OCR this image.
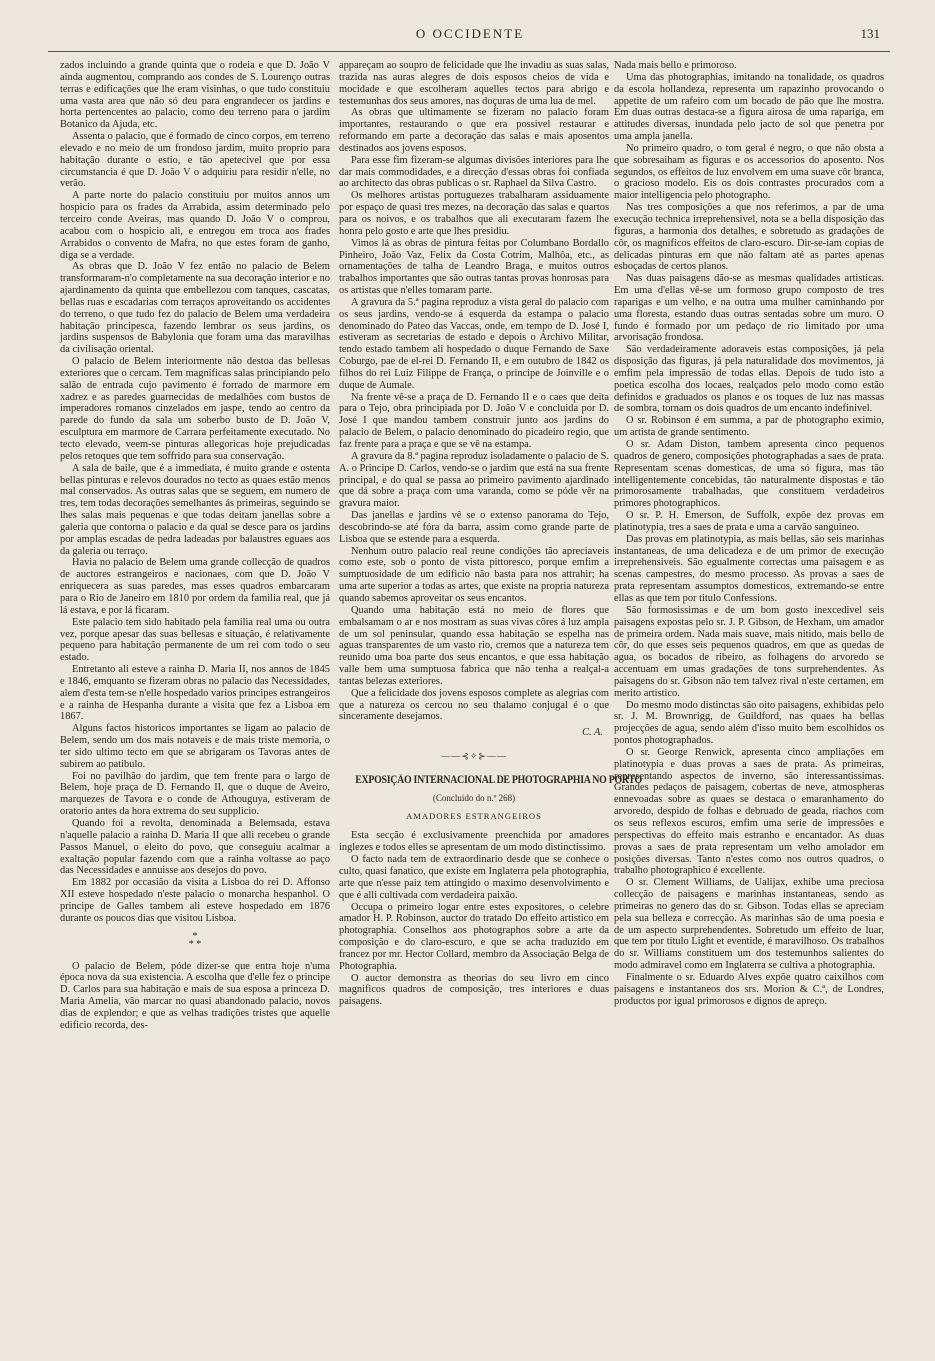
O OCCIDENTE	131

zados incluindo a grande quinta que o rodeia e que D. João V ainda augmentou, comprando aos condes de S. Lourenço outras terras e edificações que lhe eram visinhas, o que tudo constituiu uma vasta area que não só deu para engrandecer os jardins e horta pertencentes ao palacio, como deu terreno para o jardim Botanico da Ajuda, etc.

Assenta o palacio, que é formado de cinco corpos, em terreno elevado e no meio de um frondoso jardim, muito proprio para habitação durante o estio, e tão apetecivel que por essa circumstancia é que D. João V o adquiriu para residir n'elle, no verão.

A parte norte do palacio constituiu por muitos annos um hospicio para os frades da Arrabida, assim determinado pelo terceiro conde Aveiras, mas quando D. João V o comprou, acabou com o hospicio ali, e entregou em troca aos frades Arrabidos o convento de Mafra, no que estes foram de ganho, diga se a verdade.

As obras que D. João V fez então no palacio de Belem transformaram-n'o completamente na sua decoração interior e no ajardinamento da quinta que embellezou com tanques, cascatas, bellas ruas e escadarias com terraços aproveitando os accidentes do terreno, o que tudo fez do palacio de Belem uma verdadeira habitação principesca, fazendo lembrar os seus jardins, os jardins suspensos de Babylonia que foram uma das maravilhas da civilisação oriental.

O palacio de Belem interiormente não destoa das bellesas exteriores que o cercam. Tem magnificas salas principiando pelo salão de entrada cujo pavimento é forrado de marmore em xadrez e as paredes guarnecidas de medalhões com bustos de imperadores romanos cinzelados em jaspe, tendo ao centro da parede do fundo da sala um soberbo busto de D. João V, esculptura em marmore de Carrara perfeitamente executado. No tecto elevado, veem-se pinturas allegoricas hoje prejudicadas pelos retoques que tem soffrido para sua conservação.

A sala de baile, que é a immediata, é muito grande e ostenta bellas pinturas e relevos dourados no tecto as quaes estão menos mal conservados. As outras salas que se seguem, em numero de tres, tem todas decorações semelhantes ás primeiras, seguindo se lhes salas mais pequenas e que todas deitam janellas sobre a galeria que contorna o palacio e da qual se desce para os jardins por amplas escadas de pedra ladeadas por balaustres eguaes aos da galeria ou terraço.

Havia no palacio de Belem uma grande collecção de quadros de auctores estrangeiros e nacionaes, com que D. João V enriquecera as suas paredes, mas esses quadros embarcaram para o Rio de Janeiro em 1810 por ordem da familia real, que já lá estava, e por lá ficaram.

Este palacio tem sido habitado pela familia real uma ou outra vez, porque apesar das suas bellesas e situação, é relativamente pequeno para habitação permanente de um rei com todo o seu estado.

Entretanto ali esteve a rainha D. Maria II, nos annos de 1845 e 1846, emquanto se fizeram obras no palacio das Necessidades, alem d'esta tem-se n'elle hospedado varios principes estrangeiros e a rainha de Hespanha durante a visita que fez a Lisboa em 1867.

Alguns factos historicos importantes se ligam ao palacio de Belem, sendo um dos mais notaveis e de mais triste memoria, o ter sido ultimo tecto em que se abrigaram os Tavoras antes de subirem ao patibulo.

Foi no pavilhão do jardim, que tem frente para o largo de Belem, hoje praça de D. Fernando II, que o duque de Aveiro, marquezes de Tavora e o conde de Athouguya, estiveram de oratorio antes da hora extrema do seu supplicio.

Quando foi a revolta, denominada a Belemsada, estava n'aquelle palacio a rainha D. Maria II que alli recebeu o grande Passos Manuel, o eleito do povo, que conseguiu acalmar a exaltação popular fazendo com que a rainha voltasse ao paço das Necessidades e annuisse aos desejos do povo.

Em 1882 por occasião da visita a Lisboa do rei D. Affonso XII esteve hospedado n'este palacio o monarcha hespanhol. O principe de Galles tambem ali esteve hospedado em 1876 durante os poucos dias que visitou Lisboa.

*
* *

O palacio de Belem, póde dizer-se que entra hoje n'uma época nova da sua existencia. A escolha que d'elle fez o principe D. Carlos para sua habitação e mais de sua esposa a princeza D. Maria Amelia, vão marcar no quasi abandonado palacio, novos dias de explendor; e que as velhas tradições tristes que aquelle edificio recorda, des-

appareçam ao soupro de felicidade que lhe invadiu as suas salas, trazida nas auras alegres de dois esposos cheios de vida e mocidade e que escolheram aquelles tectos para abrigo e testemunhas dos seus amores, nas doçuras de uma lua de mel.

As obras que ultimamente se fizeram no palacio foram importantes, restaurando o que era possivel restaurar e reformando em parte a decoração das salas e mais aposentos destinados aos jovens esposos.

Para esse fim fizeram-se algumas divisões interiores para lhe dar mais commodidades, e a direcção d'essas obras foi confiada ao architecto das obras publicas o sr. Raphael da Silva Castro.

Os melhores artistas portuguezes trabalharam assiduamente por espaço de quasi tres mezes, na decoração das salas e quartos para os noivos, e os trabalhos que ali executaram fazem lhe honra pelo gosto e arte que lhes presidiu.

Vimos lá as obras de pintura feitas por Columbano Bordallo Pinheiro, João Vaz, Felix da Costa Cotrim, Malhôa, etc., as ornamentações de talha de Leandro Braga, e muitos outros trabalhos importantes que são outras tantas provas honrosas para os artistas que n'elles tomaram parte.

A gravura da 5.ª pagina reproduz a vista geral do palacio com os seus jardins, vendo-se á esquerda da estampa o palacio denominado do Pateo das Vaccas, onde, em tempo de D. José I, estiveram as secretarias de estado e depois o Archivo Militar, tendo estado tambem ali hospedado o duque Fernando de Saxe Coburgo, pae de el-rei D. Fernando II, e em outubro de 1842 os filhos do rei Luiz Filippe de França, o principe de Joinville e o duque de Aumale.

Na frente vê-se a praça de D. Fernando II e o caes que deita para o Tejo, obra principiada por D. João V e concluida por D. José I que mandou tambem construir junto aos jardins do palacio de Belem, o palacio denominado do picadeiro regio, que faz frente para a praça e que se vê na estampa.

A gravura da 8.ª pagina reproduz isoladamente o palacio de S. A. o Principe D. Carlos, vendo-se o jardim que está na sua frente principal, e do qual se passa ao primeiro pavimento ajardinado que dá sobre a praça com uma varanda, como se póde vêr na gravura maior.

Das janellas e jardins vê se o extenso panorama do Tejo, descobrindo-se até fóra da barra, assim como grande parte de Lisboa que se estende para a esquerda.

Nenhum outro palacio real reune condições tão apreciaveis como este, sob o ponto de vista pittoresco, porque emfim a sumptuosidade de um edificio não basta para nos attrahir; ha uma arte superior a todas as artes, que existe na propria natureza quando sabemos aproveitar os seus encantos.

Quando uma habitação está no meio de flores que embalsamam o ar e nos mostram as suas vivas côres á luz ampla de um sol peninsular, quando essa habitação se espelha nas aguas transparentes de um vasto rio, cremos que a natureza tem reunido uma boa parte dos seus encantos, e que essa habitação valle bem uma sumptuosa fabrica que não tenha a realçal-a tantas belezas exteriores.

Que a felicidade dos jovens esposos complete as alegrias com que a natureza os cercou no seu thalamo conjugal é o que sinceramente desejamos.

C. A.
——⊰✧⊱——
EXPOSIÇÃO INTERNACIONAL DE PHOTOGRAPHIA NO PORTO
(Concluido do n.º 268)
AMADORES ESTRANGEIROS

Esta secção é exclusivamente preenchida por amadores inglezes e todos elles se apresentam de um modo distinctissimo.

O facto nada tem de extraordinario desde que se conhece o culto, quasi fanatico, que existe em Inglaterra pela photographia, arte que n'esse paiz tem attingido o maximo desenvolvimento e que é alli cultivada com verdadeira paixão.

Occupa o primeiro logar entre estes expositores, o celebre amador H. P. Robinson, auctor do tratado Do effeito artistico em photographia. Conselhos aos photographos sobre a arte da composição e do claro-escuro, e que se acha traduzido em francez por mr. Hector Collard, membro da Associação Belga de Photographia.

O auctor demonstra as theorias do seu livro em cinco magnificos quadros de composição, tres interiores e duas paisagens.

Nada mais bello e primoroso.

Uma das photographias, imitando na tonalidade, os quadros da escola hollandeza, representa um rapazinho provocando o appetite de um rafeiro com um bocado de pão que lhe mostra. Em duas outras destaca-se a figura airosa de uma rapariga, em attitudes diversas, inundada pelo jacto de sol que penetra por uma ampla janella.

No primeiro quadro, o tom geral é negro, o que não obsta a que sobresaiham as figuras e os accessorios do aposento. Nos segundos, os effeitos de luz envolvem em uma suave côr branca, o gracioso modelo. Eis os dois contrastes procurados com a maior intelligencia pelo photographo.

Nas tres composições a que nos referimos, a par de uma execução technica irreprehensivel, nota se a bella disposição das figuras, a harmonia dos detalhes, e sobretudo as gradações de côr, os magnificos effeitos de claro-escuro. Dir-se-iam copias de delicadas pinturas em que não faltam até as partes apenas esboçadas de certos planos.

Nas duas paisagens dão-se as mesmas qualidades artisticas. Em uma d'ellas vê-se um formoso grupo composto de tres raparigas e um velho, e na outra uma mulher caminhando por uma floresta, estando duas outras sentadas sobre um muro. O fundo é formado por um pedaço de rio limitado por uma arvorisação frondosa.

São verdadeiramente adoraveis estas composições, já pela disposição das figuras, já pela naturalidade dos movimentos, já emfim pela impressão de todas ellas. Depois de tudo isto a poetica escolha dos locaes, realçados pelo modo como estão definidos e graduados os planos e os toques de luz nas massas de sombra, tornam os dois quadros de um encanto indefinivel.

O sr. Robinson é em summa, a par de photographo eximio, um artista de grande sentimento.

O sr. Adam Diston, tambem apresenta cinco pequenos quadros de genero, composições photographadas a saes de prata. Representam scenas domesticas, de uma só figura, mas tão intelligentemente concebidas, tão naturalmente dispostas e tão primorosamente trabalhadas, que constituem verdadeiros primores photographicos.

O sr. P. H. Emerson, de Suffolk, expõe dez provas em platinotypia, tres a saes de prata e uma a carvão sanguineo.

Das provas em platinotypia, as mais bellas, são seis marinhas instantaneas, de uma delicadeza e de um primor de execução irreprehensiveis. São egualmente correctas uma paisagem e as scenas campestres, do mesmo processo. As provas a saes de prata representam assumptos domesticos, extremando-se entre ellas as que tem por titulo Confessions.

São formosissimas e de um bom gosto inexcedivel seis paisagens expostas pelo sr. J. P. Gibson, de Hexham, um amador de primeira ordem. Nada mais suave, mais nitido, mais bello de côr, do que esses seis pequenos quadros, em que as quedas de agua, os bocados de ribeiro, as folhagens do arvoredo se accentuam em umas gradações de tons surprehendentes. As paisagens do sr. Gibson não tem talvez rival n'este certamen, em merito artistico.

Do mesmo modo distinctas são oito paisagens, exhibidas pelo sr. J. M. Brownrigg, de Guildford, nas quaes ha bellas projecções de agua, sendo além d'isso muito bem escolhidos os pontos photographados.

O sr. George Renwick, apresenta cinco ampliações em platinotypia e duas provas a saes de prata. As primeiras, representando aspectos de inverno, são interessantissimas. Grandes pedaços de paisagem, cobertas de neve, atmospheras ennevoadas sobre as quaes se destaca o emaranhamento do arvoredo, despido de folhas e debruado de geada, riachos com os seus reflexos escuros, emfim uma serie de impressões e perspectivas do effeito mais estranho e encantador. As duas provas a saes de prata representam um velho amolador em posições diversas. Tanto n'estes como nos outros quadros, o trabalho photographico é excellente.

O sr. Clement Williams, de Ualijax, exhibe uma preciosa collecção de paisagens e marinhas instantaneas, sendo as primeiras no genero das do sr. Gibson. Todas ellas se apreciam pela sua belleza e correcção. As marinhas são de uma poesia e de um aspecto surprehendentes. Sobretudo um effeito de luar, que tem por titulo Light et eventide, é maravilhoso. Os trabalhos do sr. Williams constituem um dos testemunhos salientes do modo admiravel como em Inglaterra se cultiva a photographia.

Finalmente o sr. Eduardo Alves expõe quatro caixilhos com paisagens e instantaneos dos srs. Morion & C.ª, de Londres, productos por igual primorosos e dignos de apreço.
